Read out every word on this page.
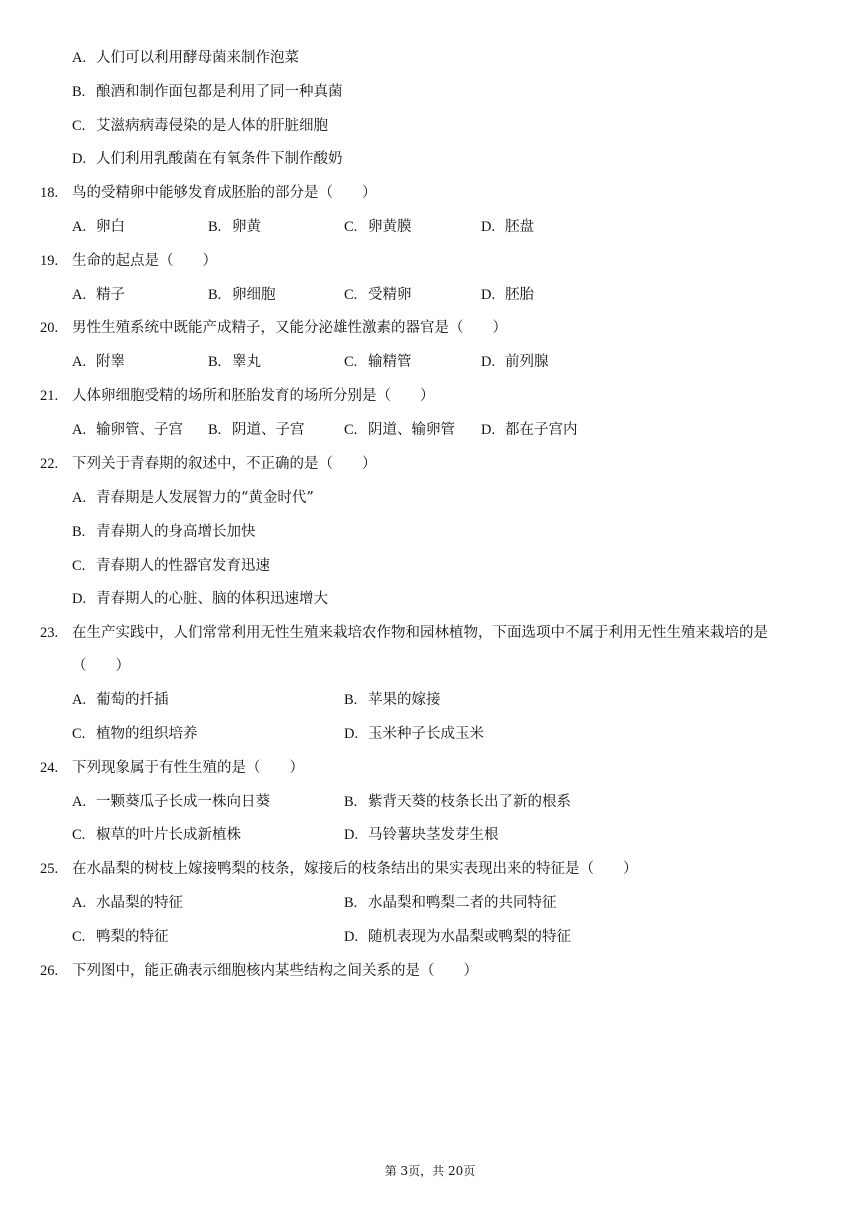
A. 人们可以利用酵母菌来制作泡菜
B. 酿酒和制作面包都是利用了同一种真菌
C. 艾滋病病毒侵染的是人体的肝脏细胞
D. 人们利用乳酸菌在有氧条件下制作酸奶
18. 鸟的受精卵中能够发育成胚胎的部分是（　　）
A. 卵白	B. 卵黄	C. 卵黄膜	D. 胚盘
19. 生命的起点是（　　）
A. 精子	B. 卵细胞	C. 受精卵	D. 胚胎
20. 男性生殖系统中既能产成精子，又能分泌雄性激素的器官是（　　）
A. 附睾	B. 睾丸	C. 输精管	D. 前列腺
21. 人体卵细胞受精的场所和胚胎发育的场所分别是（　　）
A. 输卵管、子宫 B. 阴道、子宫	C. 阴道、输卵管 D. 都在子宫内
22. 下列关于青春期的叙述中，不正确的是（　　）
A. 青春期是人发展智力的“黄金时代”
B. 青春期人的身高增长加快
C. 青春期人的性器官发育迅速
D. 青春期人的心脏、脑的体积迅速增大
23. 在生产实践中，人们常常利用无性生殖来栽培农作物和园林植物，下面选项中不属于利用无性生殖来栽培的是
（　　）
A. 葡萄的扦插	B. 苹果的嫁接
C. 植物的组织培养	D. 玉米种子长成玉米
24. 下列现象属于有性生殖的是（　　）
A. 一颗葵瓜子长成一株向日葵	B. 紫背天葵的枝条长出了新的根系
C. 椒草的叶片长成新植株	D. 马铃薯块茎发芽生根
25. 在水晶梨的树枝上嫁接鸭梨的枝条，嫁接后的枝条结出的果实表现出来的特征是（　　）
A. 水晶梨的特征	B. 水晶梨和鸭梨二者的共同特征
C. 鸭梨的特征	D. 随机表现为水晶梨或鸭梨的特征
26. 下列图中，能正确表示细胞核内某些结构之间关系的是（　　）
第 3页，共 20页
